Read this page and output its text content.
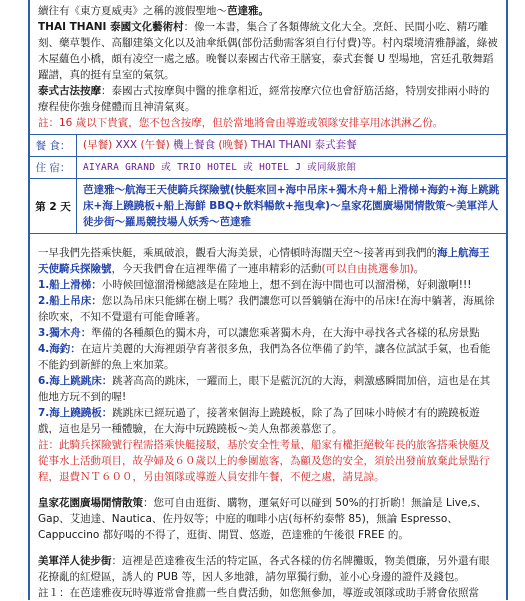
續往有《東方夏威夷》之稱的渡假聖地～芭達雅。

THAI THANI 泰國文化藝術村：像一本書，集合了各類傳統文化大全。烹飪、民間小吃、精巧雕刻、藥草製作、高腳建築文化以及油傘紙偶(部份活動需客須自行付費)等。村內環境清雅靜謐，綠被木屋蘊色小橋，頗有凌空一處之感。晚餐以泰國古代帝王膳宴，泰式套餐 U 型場地，宮廷孔敬舞蹈躍譜，真的挺有皇室的氣氛。

泰式古法按摩：泰國古式按摩與中醫的推拿相近，經常按摩穴位也會舒筋活絡，特別安排兩小時的療程使你強身健體而且神清氣爽。

註：16 歲以下貴賓，您不包含按摩，但於當地將會由導遊或領隊安排享用冰淇淋乙份。

餐 食：	(早餐) XXX (午餐) 機上餐食 (晚餐) THAI THANI 泰式套餐
住 宿：	AIYARA GRAND 或 TRIO HOTEL 或 HOTEL J 或同級旅館
第 2 天
芭達雅～航海王天使騎兵探險號(快艇來回+海中吊床+獨木舟+船上滑梯+海釣+海上跳跳床+海上蹺蹺板+船上海鮮 BBQ+飲料暢飲+拖曳傘)～皇家花園廣場閒情散策～美軍洋人徒步街～羅馬競技場人妖秀～芭達雅

一早我們先搭乘快艇，乘風破浪，觀看大海美景，心情頓時海闊天空～接著再到我們的海上航海王天使騎兵探險號，今天我們會在這裡準備了一連串精彩的活動(可以自由挑選參加)。

1.船上滑梯：小時候回憶溜滑梯總該是在陸地上，想不到在海中間也可以溜滑梯，好刺激啊!!!

2.船上吊床：您以為吊床只能綁在樹上嗎？我們讓您可以晉躺躺在海中的吊床!在海中躺著，海風徐徐吹來，不知不覺還有可能會睡著。

3.獨木舟：準備的各種顏色的獨木舟，可以讓您乘著獨木舟，在大海中尋找各式各樣的私房景點

4.海釣：在這片美麗的大海裡頭孕育著很多魚，我們為各位準備了釣竿，讓各位試試手氣，也看能不能釣到新鮮的魚上來加菜。

6.海上跳跳床：跳著高高的跳床，一躍而上，眼下是藍沉沉的大海，刺激感瞬間加倍，這也是在其他地方玩不到的喔!

7.海上蹺蹺板：跳跳床已經玩過了，接著來個海上蹺蹺板，除了為了回味小時候才有的蹺蹺板遊戲，這也是另一種體驗，在大海中玩蹺蹺板～美人魚都羨慕您了。

註：此騎兵探險號行程需搭乘快艇接駁，基於安全性考量，船家有權拒絕較年長的旅客搭乘快艇及從事水上活動項目，故孕婦及６０歲以上的參團旅客，為顧及您的安全，須於出發前放棄此景點行程，退費ＮＴ６００，另由領隊或導遊人員安排午餐，不便之處，請見諒。

皇家花園廣場閒情散策：您可自由逛街、購物，運氣好可以碰到 50%的打折喲！無論是 Live,s、Gap、艾迪達、Nautica、佐丹奴等；中庭的咖啡小店(每杯約泰幣 85)，無論 Espresso、Cappuccino 都好喝的不得了，逛街、閒買、悠遊，芭達雅的午後很 FREE 的。

美軍洋人徒步街：這裡是芭達雅夜生活的特定區，各式各樣的仿名牌攤販，物美價廉，另外還有眼花撩亂的紅燈區，誘人的 PUB 等，因人多地雜，請勿單獨行動，並小心身邊的證件及錢包。

註１：在芭達雅夜玩時導遊常會推薦一些自費活動，如您無參加，導遊或領隊或助手將會依照當
